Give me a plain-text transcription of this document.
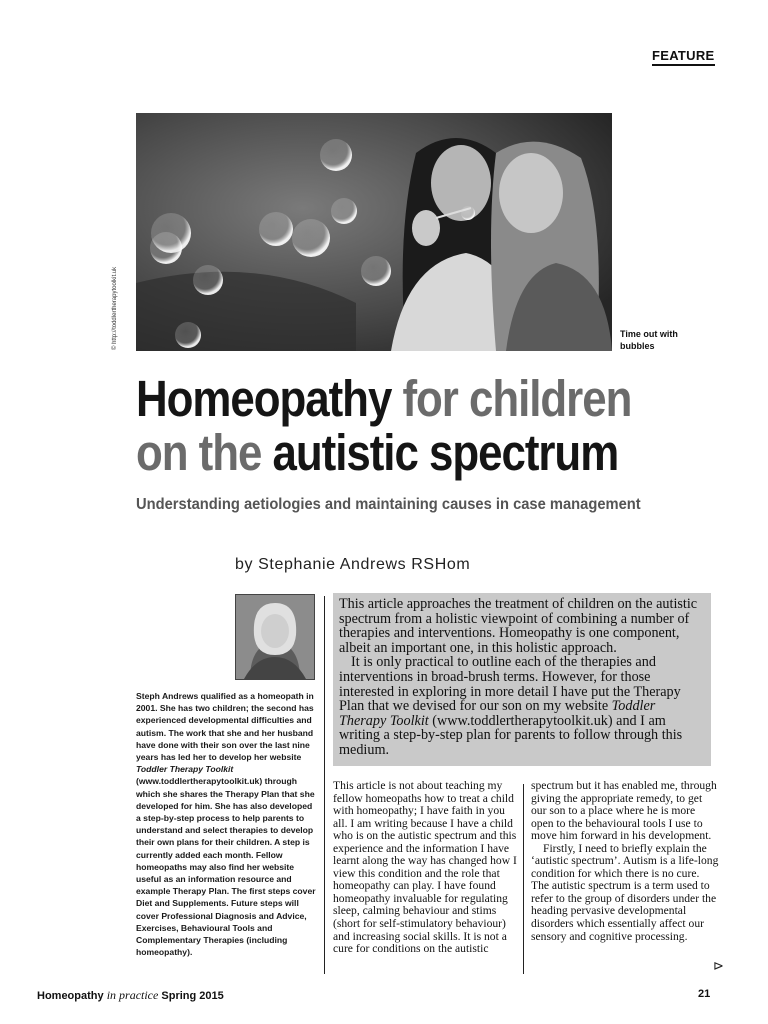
FEATURE
© http://toddlertherapytoolkit.uk	Time out with bubbles
Homeopathy for children
on the autistic spectrum
Understanding aetiologies and maintaining causes in case management
by Stephanie Andrews RSHom

Steph Andrews qualified as a homeopath in 2001. She has two children; the second has experienced developmental difficulties and autism. The work that she and her husband have done with their son over the last nine years has led her to develop her website Toddler Therapy Toolkit (www.toddlertherapytoolkit.uk) through which she shares the Therapy Plan that she developed for him. She has also developed a step-by-step process to help parents to understand and select therapies to develop their own plans for their children. A step is currently added each month. Fellow homeopaths may also find her website useful as an information resource and example Therapy Plan. The first steps cover Diet and Supplements. Future steps will cover Professional Diagnosis and Advice, Exercises, Behavioural Tools and Complementary Therapies (including homeopathy).

This article approaches the treatment of children on the autistic spectrum from a holistic viewpoint of combining a number of therapies and interventions. Homeopathy is one component, albeit an important one, in this holistic approach.

It is only practical to outline each of the therapies and interventions in broad-brush terms. However, for those interested in exploring in more detail I have put the Therapy Plan that we devised for our son on my website Toddler Therapy Toolkit (www.toddlertherapytoolkit.uk) and I am writing a step-by-step plan for parents to follow through this medium.

This article is not about teaching my fellow homeopaths how to treat a child with homeopathy; I have faith in you all. I am writing because I have a child who is on the autistic spectrum and this experience and the information I have learnt along the way has changed how I view this condition and the role that homeopathy can play. I have found homeopathy invaluable for regulating sleep, calming behaviour and stims (short for self-stimulatory behaviour) and increasing social skills. It is not a cure for conditions on the autistic

spectrum but it has enabled me, through giving the appropriate remedy, to get our son to a place where he is more open to the behavioural tools I use to move him forward in his development.

Firstly, I need to briefly explain the ‘autistic spectrum’. Autism is a life-long condition for which there is no cure. The autistic spectrum is a term used to refer to the group of disorders under the heading pervasive developmental disorders which essentially affect our sensory and cognitive processing.

⊳
Homeopathy in practice Spring 2015	21
